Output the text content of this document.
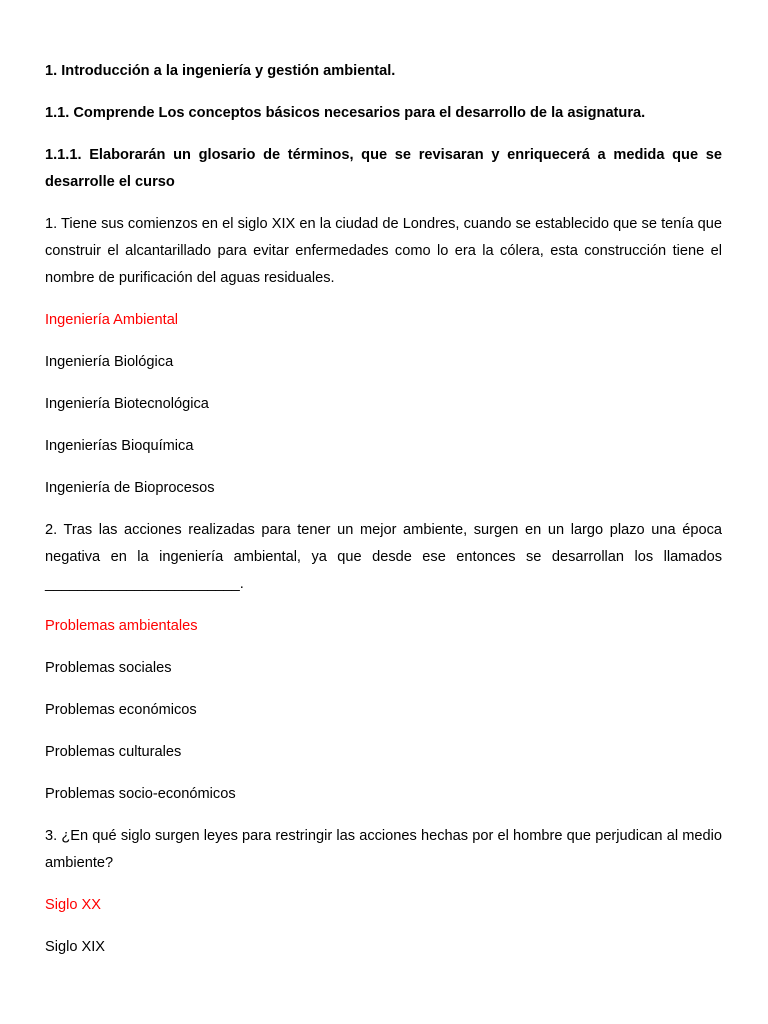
1. Introducción a la ingeniería y gestión ambiental.

1.1. Comprende Los conceptos básicos necesarios para el desarrollo de la asignatura.

1.1.1. Elaborarán un glosario de términos, que se revisaran y enriquecerá a medida que se desarrolle el curso

1. Tiene sus comienzos en el siglo XIX en la ciudad de Londres, cuando se establecido que se tenía que construir el alcantarillado para evitar enfermedades como lo era la cólera, esta construcción tiene el nombre de purificación del aguas residuales.

Ingeniería Ambiental

Ingeniería Biológica

Ingeniería Biotecnológica

Ingenierías Bioquímica

Ingeniería de Bioprocesos

2. Tras las acciones realizadas para tener un mejor ambiente, surgen en un largo plazo una época negativa en la ingeniería ambiental, ya que desde ese entonces se desarrollan los llamados ________________________.

Problemas ambientales

Problemas sociales

Problemas económicos

Problemas culturales

Problemas socio-económicos

3. ¿En qué siglo surgen leyes para restringir las acciones hechas por el hombre que perjudican al medio ambiente?

Siglo XX

Siglo XIX
